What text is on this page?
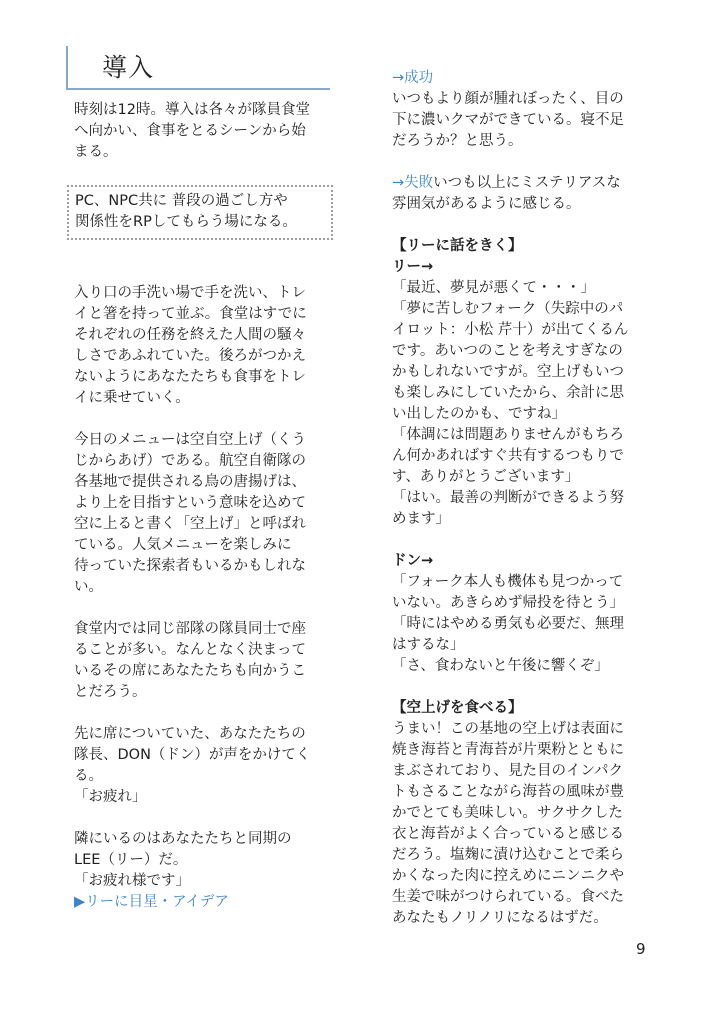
導入

時刻は12時。導入は各々が隊員食堂

へ向かい、食事をとるシーンから始

まる。

PC、NPC共に 普段の過ごし方や

関係性をRPしてもらう場になる。

入り口の手洗い場で手を洗い、トレ

イと箸を持って並ぶ。食堂はすでに

それぞれの任務を終えた人間の騒々

しさであふれていた。後ろがつかえ

ないようにあなたたちも食事をトレ

イに乗せていく。

今日のメニューは空自空上げ（くう

じからあげ）である。航空自衛隊の

各基地で提供される鳥の唐揚げは、

より上を目指すという意味を込めて

空に上ると書く「空上げ」と呼ばれ

ている。人気メニューを楽しみに

待っていた探索者もいるかもしれな

い。

食堂内では同じ部隊の隊員同士で座

ることが多い。なんとなく決まって

いるその席にあなたたちも向かうこ

とだろう。

先に席についていた、あなたたちの

隊長、DON（ドン）が声をかけてく

る。

「お疲れ」

隣にいるのはあなたたちと同期の

LEE（リー）だ。

「お疲れ様です」

▶リーに目星・アイデア

→成功

いつもより顔が腫れぼったく、目の

下に濃いクマができている。寝不足

だろうか？と思う。

→失敗いつも以上にミステリアスな

雰囲気があるように感じる。

【リーに話をきく】

リー→

「最近、夢見が悪くて・・・」

「夢に苦しむフォーク（失踪中のパ

イロット：小松 芹十）が出てくるん

です。あいつのことを考えすぎなの

かもしれないですが。空上げもいつ

も楽しみにしていたから、余計に思

い出したのかも、ですね」

「体調には問題ありませんがもちろ

ん何かあればすぐ共有するつもりで

す、ありがとうございます」

「はい。最善の判断ができるよう努

めます」

ドン→

「フォーク本人も機体も見つかって

いない。あきらめず帰投を待とう」

「時にはやめる勇気も必要だ、無理

はするな」

「さ、食わないと午後に響くぞ」

【空上げを食べる】

うまい！この基地の空上げは表面に

焼き海苔と青海苔が片栗粉とともに

まぶされており、見た目のインパク

トもさることながら海苔の風味が豊

かでとても美味しい。サクサクした

衣と海苔がよく合っていると感じる

だろう。塩麹に漬け込むことで柔ら

かくなった肉に控えめにニンニクや

生姜で味がつけられている。食べた

あなたもノリノリになるはずだ。

9
